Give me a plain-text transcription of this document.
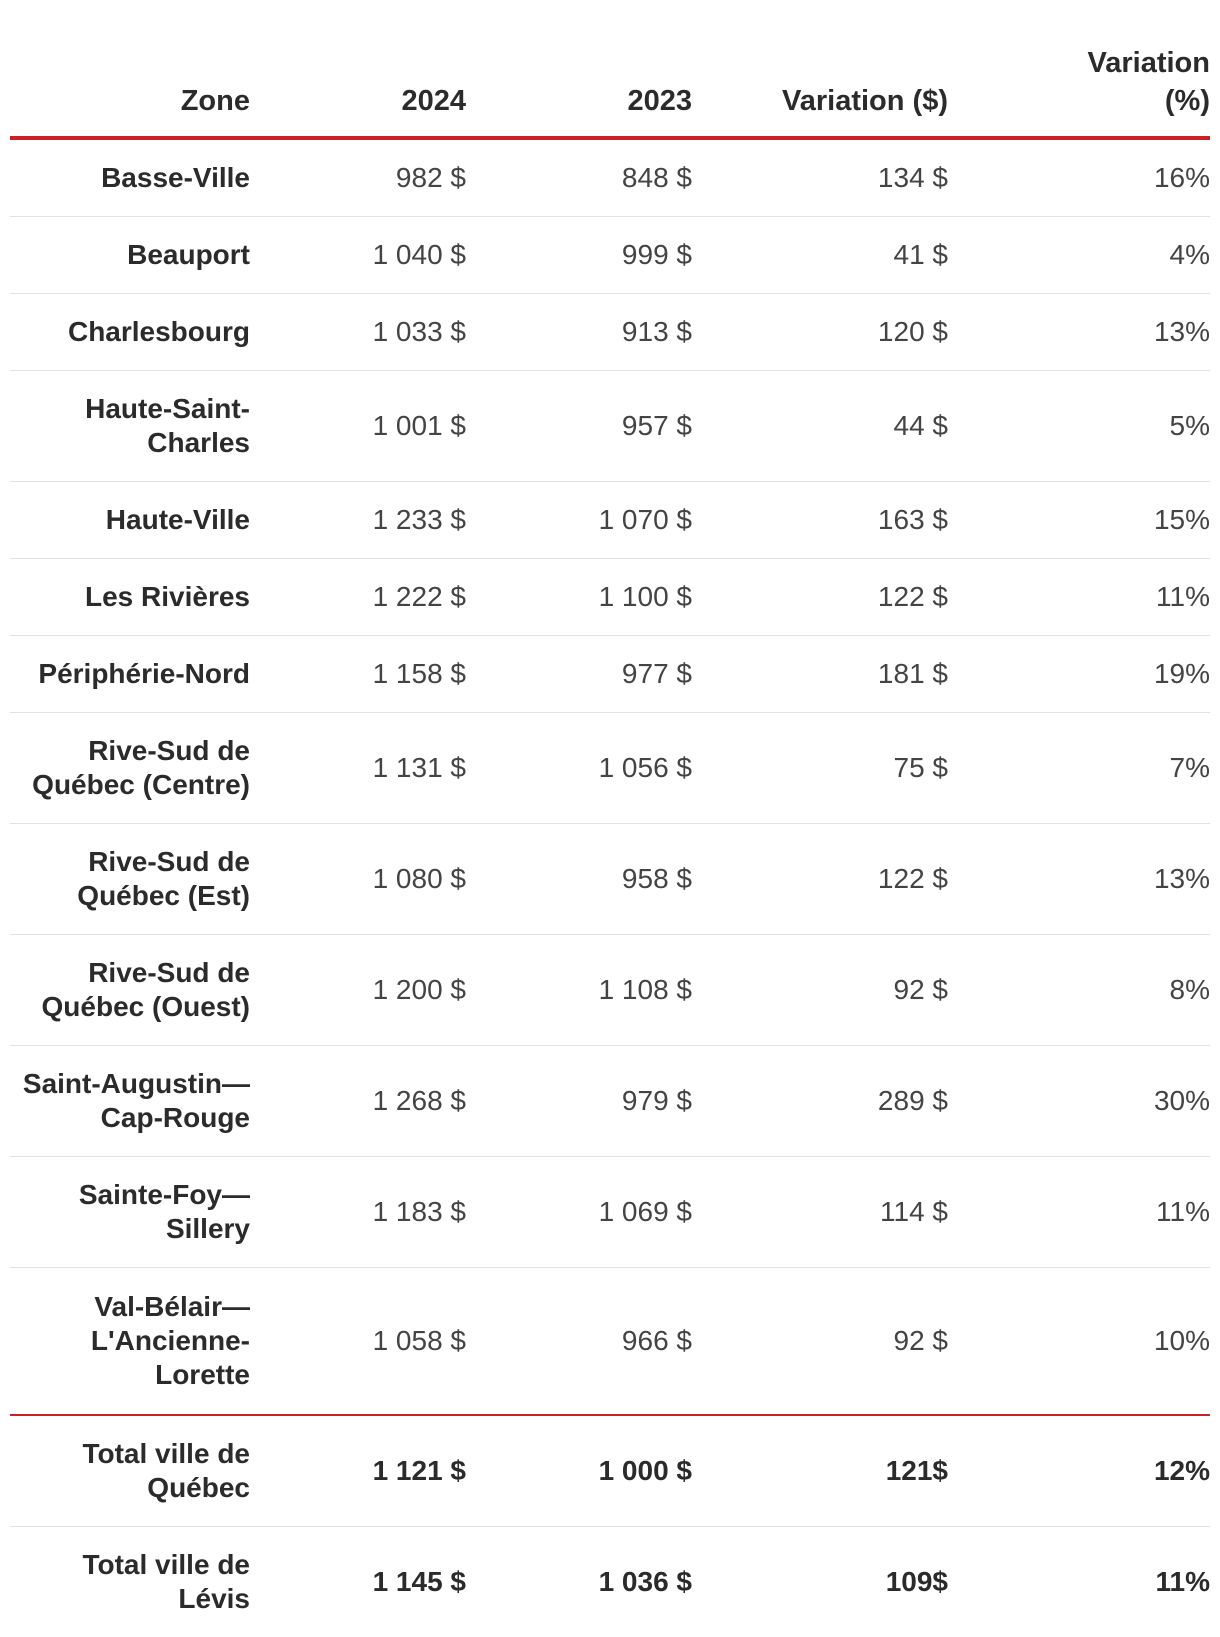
Zone	2024	2023	Variation ($)	Variation
(%)
Basse-Ville	982 $	848 $	134 $	16%
Beauport	1 040 $	999 $	41 $	4%
Charlesbourg	1 033 $	913 $	120 $	13%
Haute-Saint-Charles	1 001 $	957 $	44 $	5%
Haute-Ville	1 233 $	1 070 $	163 $	15%
Les Rivières	1 222 $	1 100 $	122 $	11%
Périphérie-Nord	1 158 $	977 $	181 $	19%
Rive-Sud de Québec (Centre)	1 131 $	1 056 $	75 $	7%
Rive-Sud de Québec (Est)	1 080 $	958 $	122 $	13%
Rive-Sud de Québec (Ouest)	1 200 $	1 108 $	92 $	8%
Saint-Augustin—Cap-Rouge	1 268 $	979 $	289 $	30%
Sainte-Foy—Sillery	1 183 $	1 069 $	114 $	11%
Val-Bélair—L'Ancienne-Lorette	1 058 $	966 $	92 $	10%
Total ville de Québec	1 121 $	1 000 $	121$	12%
Total ville de Lévis	1 145 $	1 036 $	109$	11%
